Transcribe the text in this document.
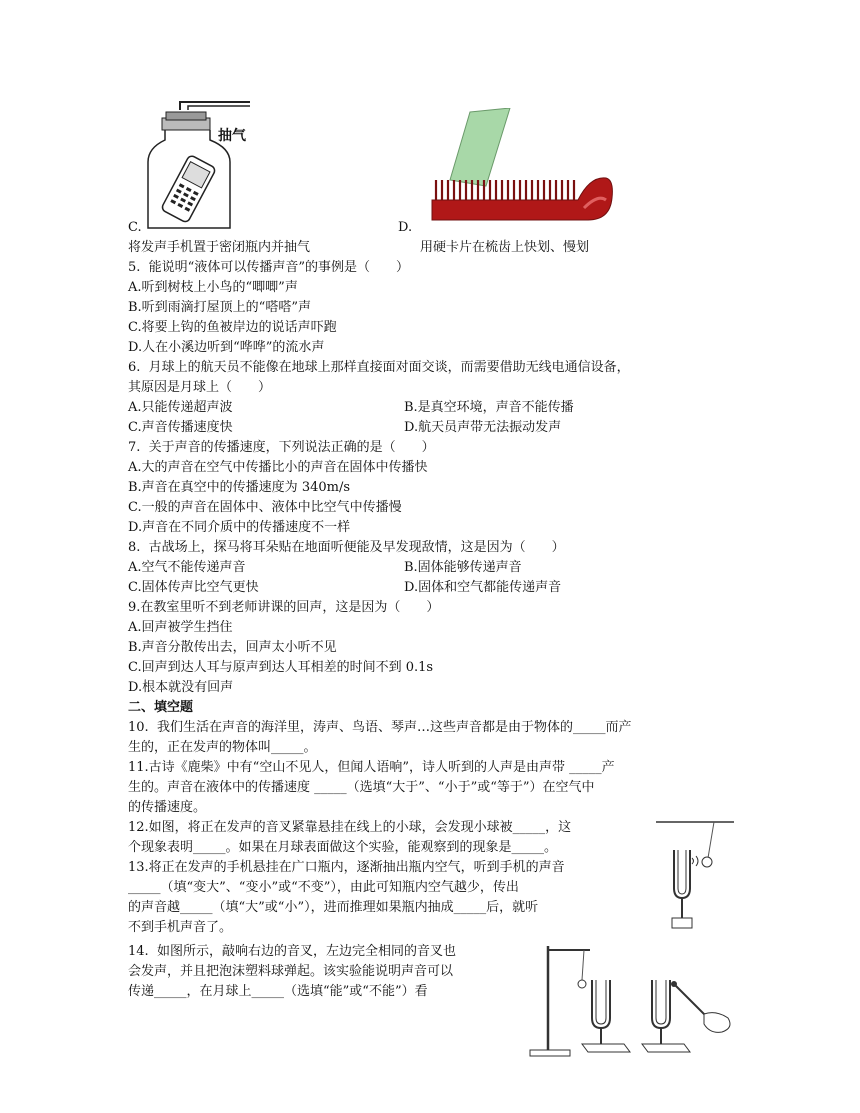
抽气
C.	D.
将发声手机置于密闭瓶内并抽气	用硬卡片在梳齿上快划、慢划
5.  能说明“液体可以传播声音”的事例是（　　）
A.听到树枝上小鸟的“唧唧”声
B.听到雨滴打屋顶上的“嗒嗒”声
C.将要上钩的鱼被岸边的说话声吓跑
D.人在小溪边听到“哗哗”的流水声
6.  月球上的航天员不能像在地球上那样直接面对面交谈，而需要借助无线电通信设备，
其原因是月球上（　　）
A.只能传递超声波	B.是真空环境，声音不能传播
C.声音传播速度快	D.航天员声带无法振动发声
7.  关于声音的传播速度，下列说法正确的是（　　）
A.大的声音在空气中传播比小的声音在固体中传播快
B.声音在真空中的传播速度为 340m/s
C.一般的声音在固体中、液体中比空气中传播慢
D.声音在不同介质中的传播速度不一样
8.  古战场上，探马将耳朵贴在地面听便能及早发现敌情，这是因为（　　）
A.空气不能传递声音	B.固体能够传递声音
C.固体传声比空气更快	D.固体和空气都能传递声音
9.在教室里听不到老师讲课的回声，这是因为（　　）
A.回声被学生挡住
B.声音分散传出去，回声太小听不见
C.回声到达人耳与原声到达人耳相差的时间不到 0.1s
D.根本就没有回声
二、填空题
10.  我们生活在声音的海洋里，涛声、鸟语、琴声…这些声音都是由于物体的_____而产
生的，正在发声的物体叫_____。
11.古诗《鹿柴》中有“空山不见人，但闻人语响”，诗人听到的人声是由声带 _____产
生的。声音在液体中的传播速度 _____（选填“大于”、“小于”或“等于”）在空气中
的传播速度。
12.如图，将正在发声的音叉紧靠悬挂在线上的小球，会发现小球被_____，这
个现象表明_____。如果在月球表面做这个实验，能观察到的现象是_____。
13.将正在发声的手机悬挂在广口瓶内，逐渐抽出瓶内空气，听到手机的声音
_____（填“变大”、“变小”或“不变”），由此可知瓶内空气越少，传出
的声音越_____（填“大”或“小”），进而推理如果瓶内抽成_____后，就听
不到手机声音了。
14.  如图所示，敲响右边的音叉，左边完全相同的音叉也
会发声，并且把泡沫塑料球弹起。该实验能说明声音可以
传递_____，在月球上_____（选填“能”或“不能”）看
